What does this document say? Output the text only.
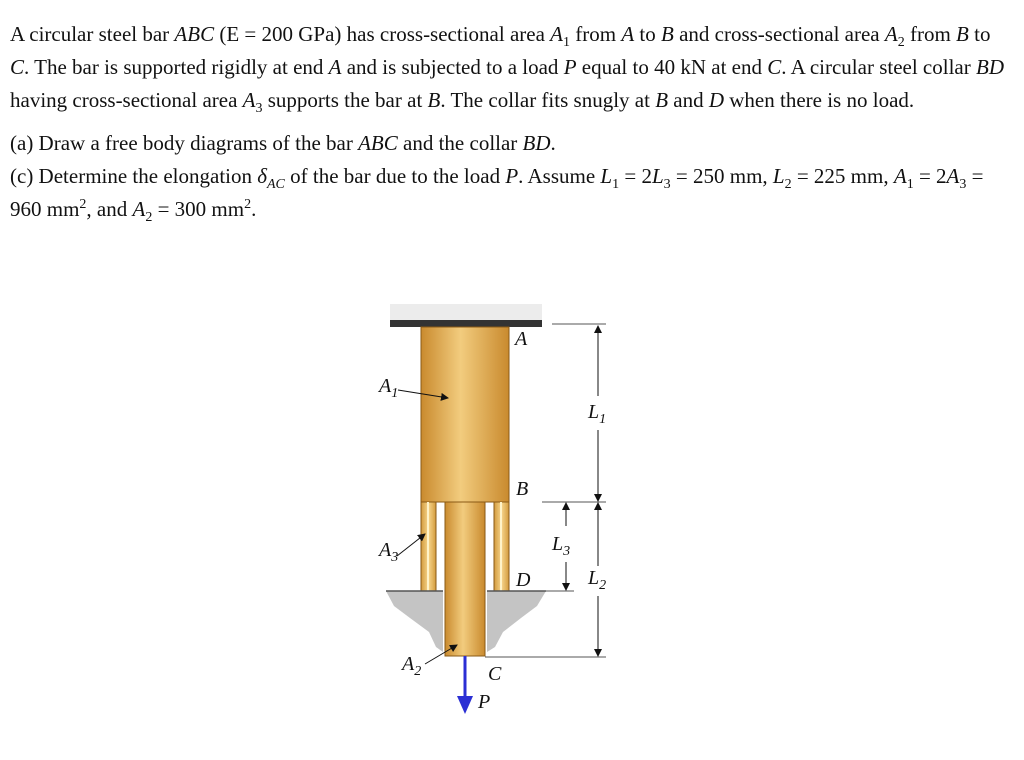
A circular steel bar ABC (E = 200 GPa) has cross-sectional area $A_1$ from A to B and cross-sectional area $A_2$ from B to C. The bar is supported rigidly at end A and is subjected to a load P equal to 40 kN at end C. A circular steel collar BD having cross-sectional area $A_3$ supports the bar at B. The collar fits snugly at B and D when there is no load.

(a) Draw a free body diagrams of the bar ABC and the collar BD.

(c) Determine the elongation $\delta_{AC}$ of the bar due to the load P. Assume $L_1 = 2L_3 = 250$ mm, $L_2 = 225$ mm, $A_1 = 2A_3 = 960$ $mm^2$, and $A_2 = 300$ $mm^2$.

A
B
D
C
P
$A_1$
$A_3$
$A_2$
$L_1$
$L_3$
$L_2$
